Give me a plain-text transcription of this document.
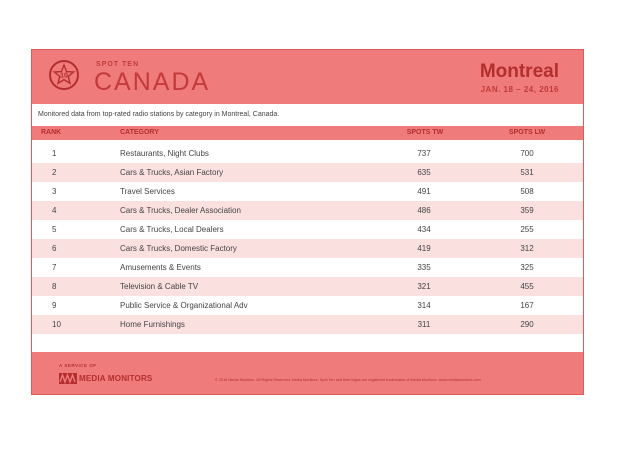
10
SPOT TEN
CANADA	Montreal
JAN. 18 – 24, 2016
Monitored data from top-rated radio stations by category in Montreal, Canada.
RANK	CATEGORY	SPOTS TW	SPOTS LW
1	Restaurants, Night Clubs	737	700
2	Cars & Trucks, Asian Factory	635	531
3	Travel Services	491	508
4	Cars & Trucks, Dealer Association	486	359
5	Cars & Trucks, Local Dealers	434	255
6	Cars & Trucks, Domestic Factory	419	312
7	Amusements & Events	335	325
8	Television & Cable TV	321	455
9	Public Service & Organizational Adv	314	167
10	Home Furnishings	311	290
A SERVICE OF
MEDIA MONITORS	© 2016 Media Monitors. All Rights Reserved. Media Monitors, Spot Ten and their logos are registered trademarks of Media Monitors. www.mediamonitors.com
